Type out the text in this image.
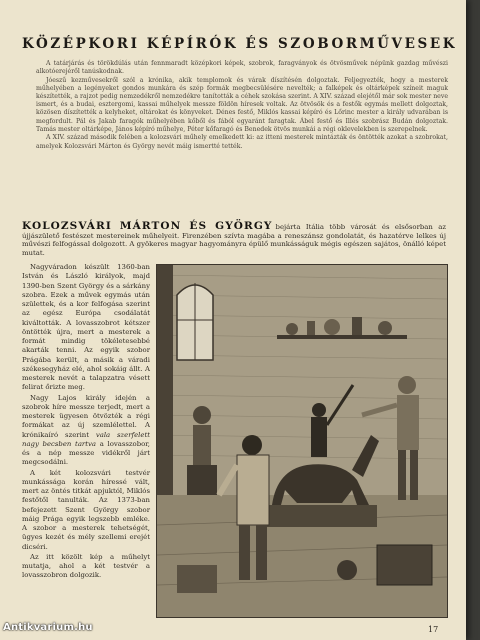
KÖZÉPKORI KÉPÍRÓK ÉS SZOBORMŰVESEK

A tatárjárás és törökdúlás után fennmaradt középkori képek, szobrok, faragványok és ötvösművek népünk gazdag művészi alkotóerejéről tanúskodnak.

Jóeszű kezművesekről szól a krónika, akik templomok és várak díszítésén dolgoztak. Feljegyezték, hogy a mesterek műhelyében a legényeket gondos munkára és szép formák megbecsülésére nevelték; a falképek és oltárképek színeit maguk készítették, a rajzot pedig nemzedékről nemzedékre tanították a céhek szokása szerint. A XIV. század elejétől már sok mester neve ismert, és a budai, esztergomi, kassai műhelyek messze földön híresek voltak. Az ötvösök és a festők egymás mellett dolgoztak, közösen díszítették a kelyheket, oltárokat és könyveket. Dénes festő, Miklós kassai képíró és Lőrinc mester a király udvarában is megfordult. Pál és Jakab faragók műhelyében kőből és fából egyaránt faragtak. Ábel festő és Illés szobrász Budán dolgoztak. Tamás mester oltárképe, János képíró műhelye, Péter kőfaragó és Benedek ötvös munkái a régi oklevelekben is szerepelnek.

A XIV. század második felében a kolozsvári műhely emelkedett ki: az itteni mesterek mintázták és öntötték azokat a szobrokat, amelyek Kolozsvári Márton és György nevét máig ismertté tették.

KOLOZSVÁRI MÁRTON ÉS GYÖRGY bejárta Itália több városát és elsősorban az újjászülető festészet mestereinek műhelyeit. Firenzében szívta magába a reneszánsz gondolatát, és hazatérve lelkes új művészi felfogással dolgozott. A gyökeres magyar hagyományra épülő munkásságuk mégis egészen sajátos, önálló képet mutat.

Nagyváradon készült 1360-ban István és László királyok, majd 1390-ben Szent György és a sárkány szobra. Ezek a művek egymás után születtek, és a kor felfogása szerint az egész Európa csodálatát kiváltották. A lovasszobrot kétszer öntötték újra, mert a mesterek a formát mindig tökéletesebbé akarták tenni. Az egyik szobor Prágába került, a másik a váradi székesegyház elé, ahol sokáig állt. A mesterek nevét a talapzatra vésett felirat őrizte meg.

Nagy Lajos király idején a szobrok híre messze terjedt, mert a mesterek ügyesen ötvözték a régi formákat az új szemlélettel. A krónikaíró szerint vala szerfelett nagy becsben tartva a lovasszobor, és a nép messze vidékről járt megcsodálni.

A két kolozsvári testvér munkássága korán híressé vált, mert az öntés titkát apjuktól, Miklós festőtől tanulták. Az 1373-ban befejezett Szent György szobor máig Prága egyik legszebb emléke. A szobor a mesterek tehetségét, ügyes kezét és mély szellemi erejét dicséri.

Az itt közölt kép a műhelyt mutatja, ahol a két testvér a lovasszobron dolgozik.

17
Antikvarium.hu
